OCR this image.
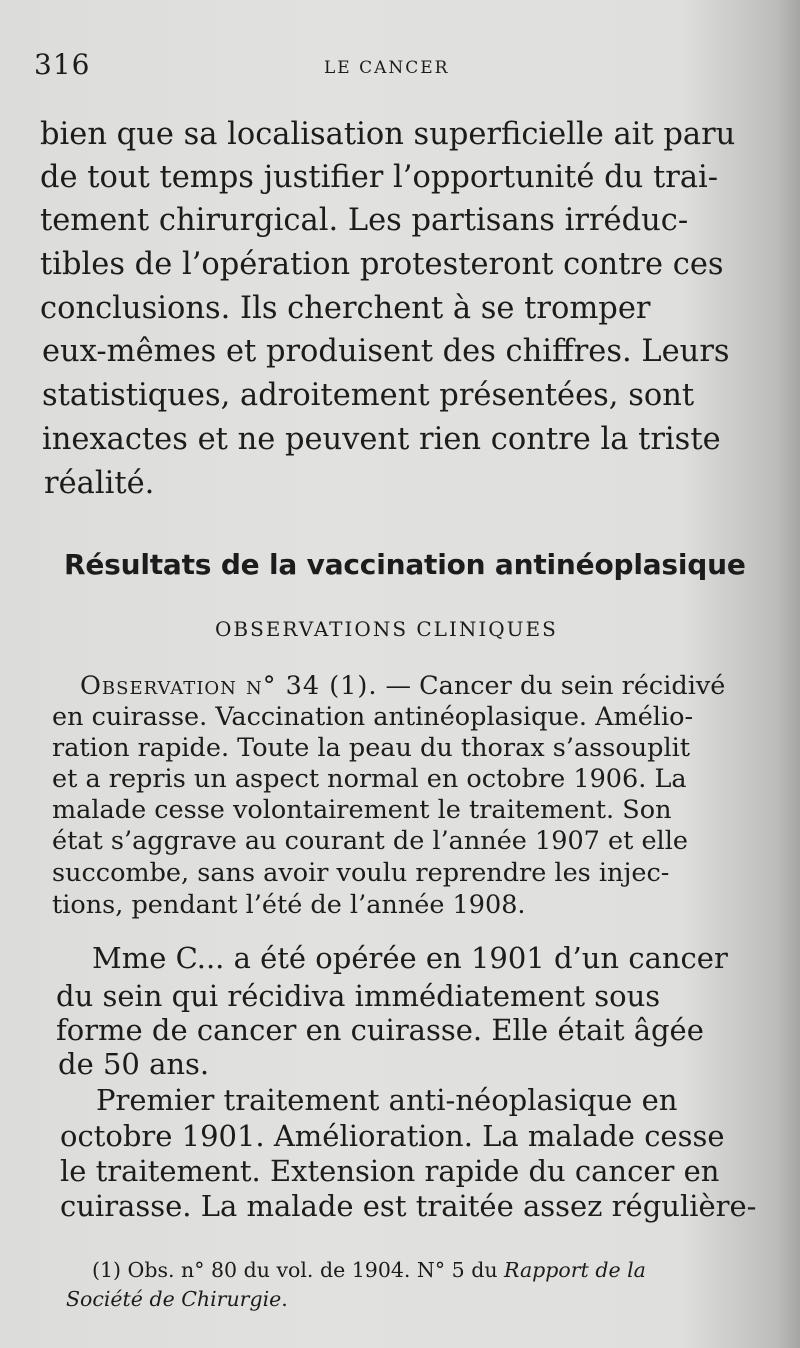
316	LE CANCER
bien que sa localisation superficielle ait paru
de tout temps justifier l’opportunité du trai-
tement chirurgical. Les partisans irréduc-
tibles de l’opération protesteront contre ces
conclusions. Ils cherchent à se tromper
eux-mêmes et produisent des chiffres. Leurs
statistiques, adroitement présentées, sont
inexactes et ne peuvent rien contre la triste
réalité.
Résultats de la vaccination antinéoplasique
OBSERVATIONS CLINIQUES
Observation n° 34 (1). — Cancer du sein récidivé
en cuirasse. Vaccination antinéoplasique. Amélio-
ration rapide. Toute la peau du thorax s’assouplit
et a repris un aspect normal en octobre 1906. La
malade cesse volontairement le traitement. Son
état s’aggrave au courant de l’année 1907 et elle
succombe, sans avoir voulu reprendre les injec-
tions, pendant l’été de l’année 1908.
Mme C... a été opérée en 1901 d’un cancer
du sein qui récidiva immédiatement sous
forme de cancer en cuirasse. Elle était âgée
de 50 ans.
Premier traitement anti-néoplasique en
octobre 1901. Amélioration. La malade cesse
le traitement. Extension rapide du cancer en
cuirasse. La malade est traitée assez régulière-
(1) Obs. n° 80 du vol. de 1904. N° 5 du Rapport de la
Société de Chirurgie.
